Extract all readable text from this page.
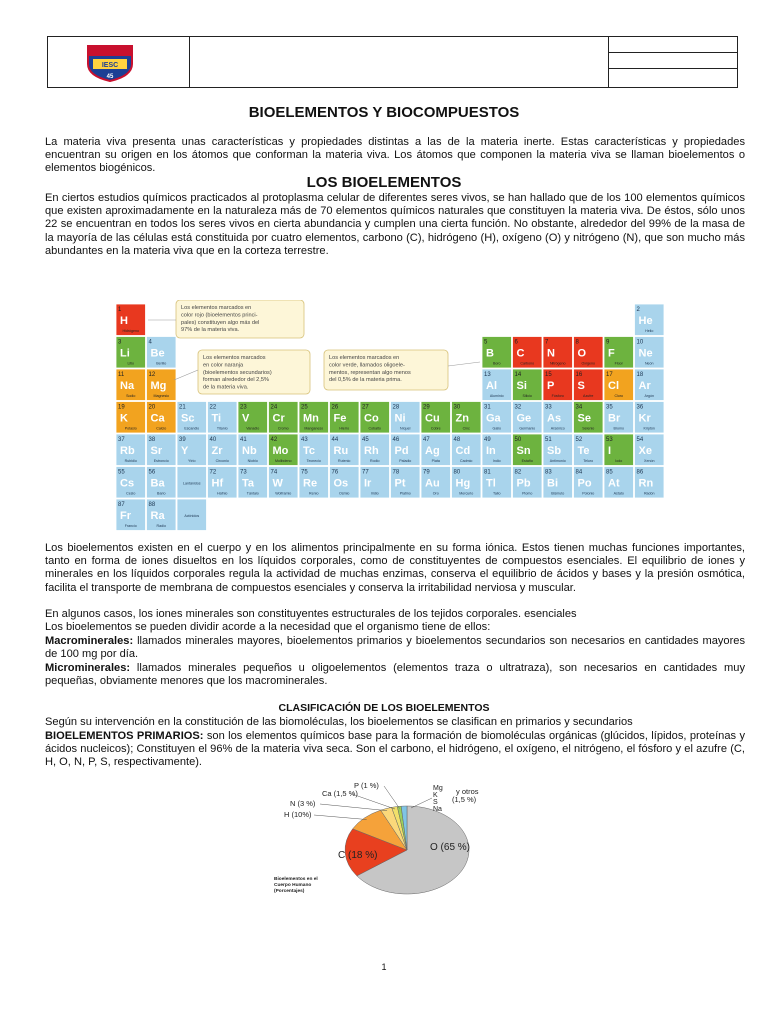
IESC
45
BIOELEMENTOS Y BIOCOMPUESTOS

La materia viva presenta unas características y propiedades distintas a las de la materia inerte. Estas características y propiedades encuentran su origen en los átomos que conforman la materia viva. Los átomos que componen la materia viva se llaman bioelementos o elementos biogénicos.

LOS BIOELEMENTOS

En ciertos estudios químicos practicados al protoplasma celular de diferentes seres vivos, se han hallado que de los 100 elementos químicos que existen aproximadamente en la naturaleza más de 70 elementos químicos naturales que constituyen la materia viva. De éstos, sólo unos 22 se encuentran en todos los seres vivos en cierta abundancia y cumplen una cierta función. No obstante, alrededor del 99% de la masa de la mayoría de las células está constituida por cuatro elementos, carbono (C), hidrógeno (H), oxígeno (O) y nitrógeno (N), que son mucho más abundantes en la materia viva que en la corteza terrestre.

1
H
Hidrógeno
2
He
Helio
3
Li
Litio
4
Be
Berilio
5
B
Boro
6
C
Carbono
7
N
Nitrógeno
8
O
Oxígeno
9
F
Flúor
10
Ne
Neón
11
Na
Sodio
12
Mg
Magnesio
13
Al
Aluminio
14
Si
Silicio
15
P
Fósforo
16
S
Azufre
17
Cl
Cloro
18
Ar
Argón
19
K
Potasio
20
Ca
Calcio
21
Sc
Escandio
22
Ti
Titanio
23
V
Vanadio
24
Cr
Cromo
25
Mn
Manganeso
26
Fe
Hierro
27
Co
Cobalto
28
Ni
Níquel
29
Cu
Cobre
30
Zn
Cinc
31
Ga
Galio
32
Ge
Germanio
33
As
Arsénico
34
Se
Selenio
35
Br
Bromo
36
Kr
Kriptón
37
Rb
Rubidio
38
Sr
Estroncio
39
Y
Ytrio
40
Zr
Circonio
41
Nb
Niobio
42
Mo
Molibdeno
43
Tc
Tecnecio
44
Ru
Rutenio
45
Rh
Rodio
46
Pd
Paladio
47
Ag
Plata
48
Cd
Cadmio
49
In
Indio
50
Sn
Estaño
51
Sb
Antimonio
52
Te
Teluro
53
I
Iodo
54
Xe
Xenón
55
Cs
Cesio
56
Ba
Bario
Lantánidos
72
Hf
Hafnio
73
Ta
Tántalo
74
W
Wolframio
75
Re
Renio
76
Os
Osmio
77
Ir
Iridio
78
Pt
Platino
79
Au
Oro
80
Hg
Mercurio
81
Tl
Talio
82
Pb
Plomo
83
Bi
Bismuto
84
Po
Polonio
85
At
Astato
86
Rn
Radón
87
Fr
Francio
88
Ra
Radio
Actínidos
Los elementos marcados en
color rojo (bioelementos princi-
pales) constituyen algo más del
97% de la materia viva.
Los elementos marcados
en color naranja
(bioelementos secundarios)
forman alrededor del 2,5%
de la materia viva.
Los elementos marcados en
color verde, llamados oligoele-
mentos, representan algo menos
del 0,5% de la materia prima.

Los bioelementos existen en el cuerpo y en los alimentos principalmente en su forma iónica. Estos tienen muchas funciones importantes, tanto en forma de iones disueltos en los líquidos corporales, como de constituyentes de compuestos esenciales. El equilibrio de iones y minerales en los líquidos corporales regula la actividad de muchas enzimas, conserva el equilibrio de ácidos y bases y la presión osmótica, facilita el transporte de membrana de compuestos esenciales y conserva la irritabilidad nerviosa y muscular.

En algunos casos, los iones minerales son constituyentes estructurales de los tejidos corporales. esenciales

Los bioelementos se pueden dividir acorde a la necesidad que el organismo tiene de ellos:

Macrominerales: llamados minerales mayores, bioelementos primarios y bioelementos secundarios son necesarios en cantidades mayores de 100 mg por día.

Microminerales: llamados minerales pequeños u oligoelementos (elementos traza o ultratraza), son necesarios en cantidades muy pequeñas, obviamente menores que los macrominerales.

CLASIFICACIÓN DE LOS BIOELEMENTOS

Según su intervención en la constitución de las biomoléculas, los bioelementos se clasifican en primarios y secundarios

BIOELEMENTOS PRIMARIOS: son los elementos químicos base para la formación de biomoléculas orgánicas (glúcidos, lípidos, proteínas y ácidos nucleicos); Constituyen el 96% de la materia viva seca. Son el carbono, el hidrógeno, el oxígeno, el nitrógeno, el fósforo y el azufre (C, H, O, N, P, S, respectivamente).

O (65 %)
C (18 %)
H (10%)
N (3 %)
Ca (1,5 %)
P (1 %)
y otros
(1,5 %)
Mg
K
S
Na
Bioelementos en el
Cuerpo Humano
(Porcentajes)
1
